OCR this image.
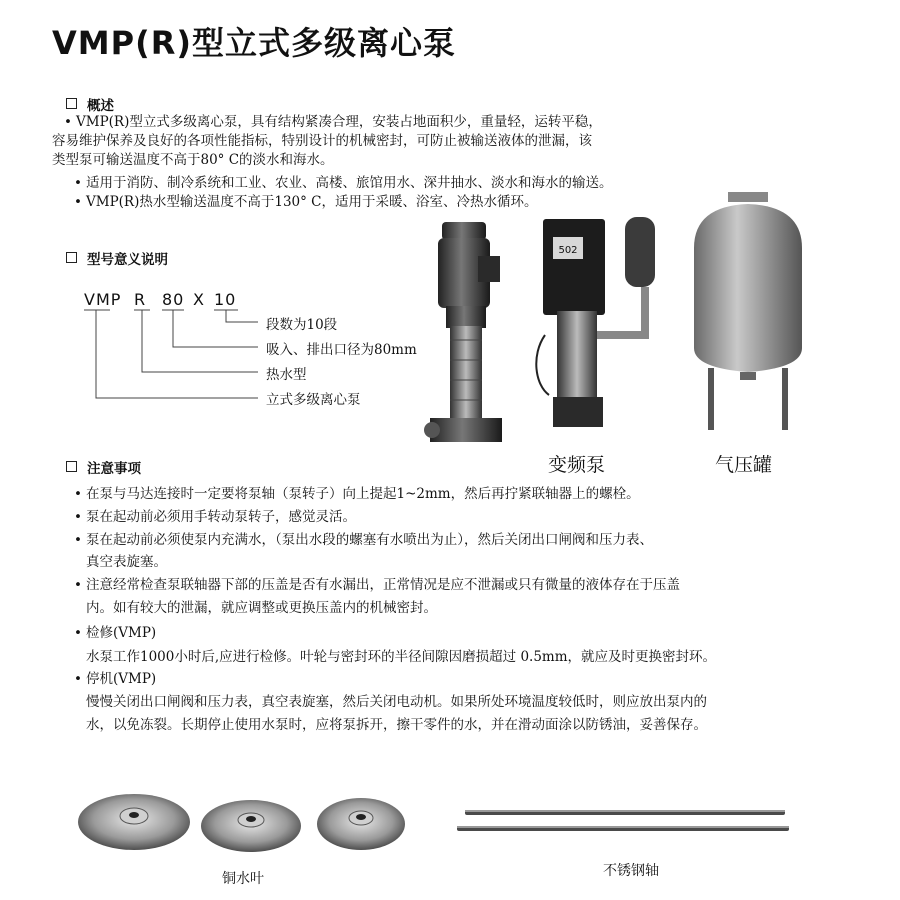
VMP(R)型立式多级离心泵
概述
• VMP(R)型立式多级离心泵，具有结构紧凑合理，安装占地面积少，重量轻，运转平稳，
容易维护保养及良好的各项性能指标，特别设计的机械密封，可防止被输送液体的泄漏，该
类型泵可输送温度不高于80° C的淡水和海水。
• 适用于消防、制冷系统和工业、农业、高楼、旅馆用水、深井抽水、淡水和海水的输送。
• VMP(R)热水型输送温度不高于130° C，适用于采暖、浴室、冷热水循环。
型号意义说明
VMP R 80 X 10
段数为10段
吸入、排出口径为80mm
热水型
立式多级离心泵
502
变频泵	气压罐
注意事项
• 在泵与马达连接时一定要将泵轴（泵转子）向上提起1~2mm，然后再拧紧联轴器上的螺栓。
• 泵在起动前必须用手转动泵转子，感觉灵活。
• 泵在起动前必须使泵内充满水，（泵出水段的螺塞有水喷出为止），然后关闭出口闸阀和压力表、
真空表旋塞。
• 注意经常检查泵联轴器下部的压盖是否有水漏出，正常情况是应不泄漏或只有微量的液体存在于压盖
内。如有较大的泄漏，就应调整或更换压盖内的机械密封。
• 检修(VMP)
水泵工作1000小时后,应进行检修。叶轮与密封环的半径间隙因磨损超过 0.5mm，就应及时更换密封环。
• 停机(VMP)
慢慢关闭出口闸阀和压力表，真空表旋塞，然后关闭电动机。如果所处环境温度较低时，则应放出泵内的
水，以免冻裂。长期停止使用水泵时，应将泵拆开，擦干零件的水，并在滑动面涂以防锈油，妥善保存。
铜水叶	不锈钢轴
